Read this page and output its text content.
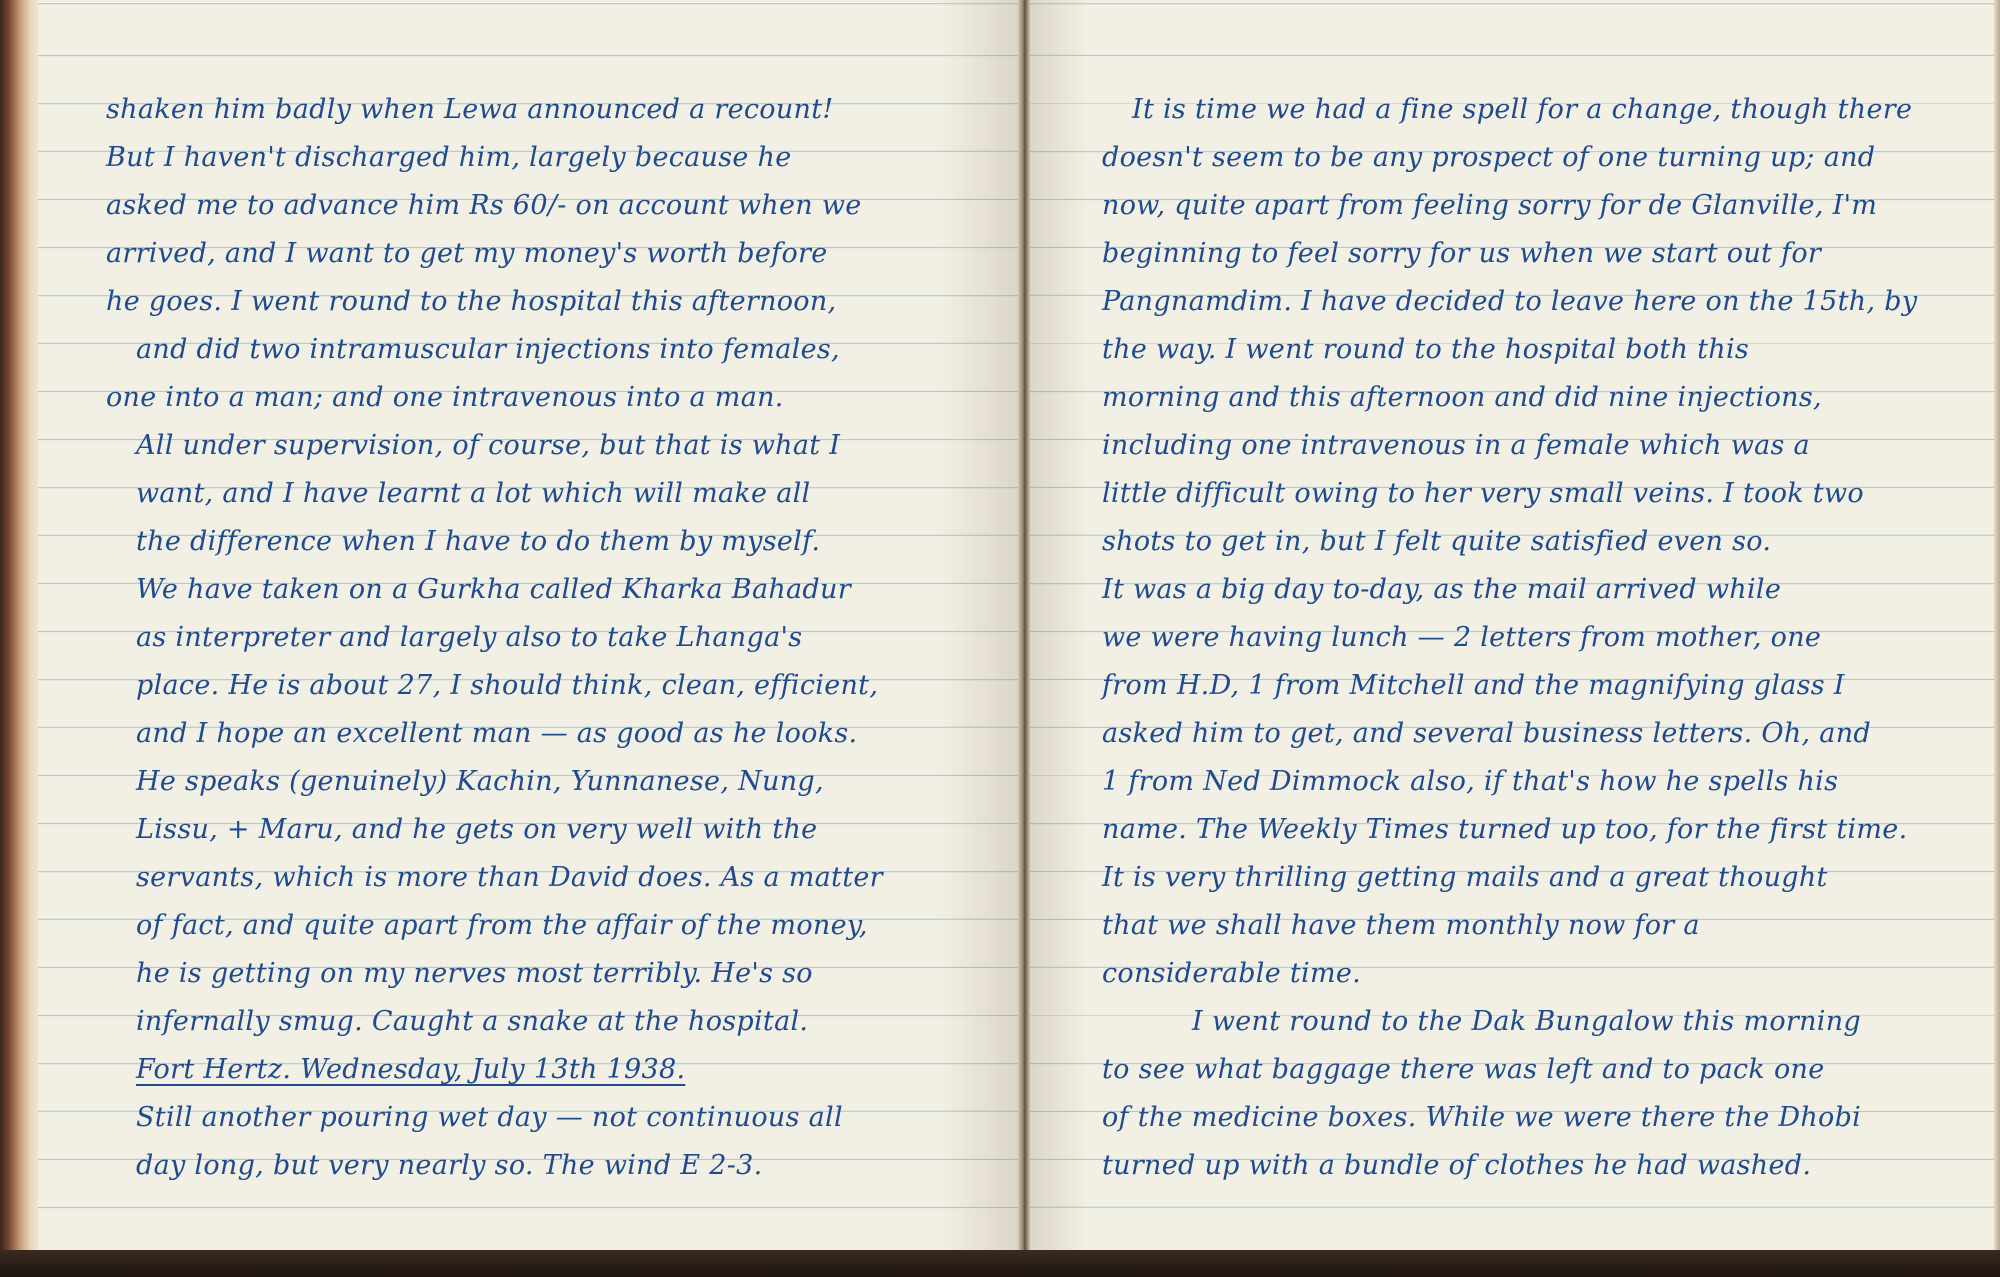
shaken him badly when Lewa announced a recount!
But I haven't discharged him, largely because he
asked me to advance him Rs 60/- on account when we
arrived, and I want to get my money's worth before
he goes. I went round to the hospital this afternoon,
and did two intramuscular injections into females,
one into a man; and one intravenous into a man.
All under supervision, of course, but that is what I
want, and I have learnt a lot which will make all
the difference when I have to do them by myself.
We have taken on a Gurkha called Kharka Bahadur
as interpreter and largely also to take Lhanga's
place. He is about 27, I should think, clean, efficient,
and I hope an excellent man — as good as he looks.
He speaks (genuinely) Kachin, Yunnanese, Nung,
Lissu, + Maru, and he gets on very well with the
servants, which is more than David does. As a matter
of fact, and quite apart from the affair of the money,
he is getting on my nerves most terribly. He's so
infernally smug. Caught a snake at the hospital.
Fort Hertz. Wednesday, July 13th 1938.
Still another pouring wet day — not continuous all
day long, but very nearly so. The wind E 2-3.
It is time we had a fine spell for a change, though there
doesn't seem to be any prospect of one turning up; and
now, quite apart from feeling sorry for de Glanville, I'm
beginning to feel sorry for us when we start out for
Pangnamdim. I have decided to leave here on the 15th, by
the way. I went round to the hospital both this
morning and this afternoon and did nine injections,
including one intravenous in a female which was a
little difficult owing to her very small veins. I took two
shots to get in, but I felt quite satisfied even so.
It was a big day to-day, as the mail arrived while
we were having lunch — 2 letters from mother, one
from H.D, 1 from Mitchell and the magnifying glass I
asked him to get, and several business letters. Oh, and
1 from Ned Dimmock also, if that's how he spells his
name. The Weekly Times turned up too, for the first time.
It is very thrilling getting mails and a great thought
that we shall have them monthly now for a
considerable time.
I went round to the Dak Bungalow this morning
to see what baggage there was left and to pack one
of the medicine boxes. While we were there the Dhobi
turned up with a bundle of clothes he had washed.
